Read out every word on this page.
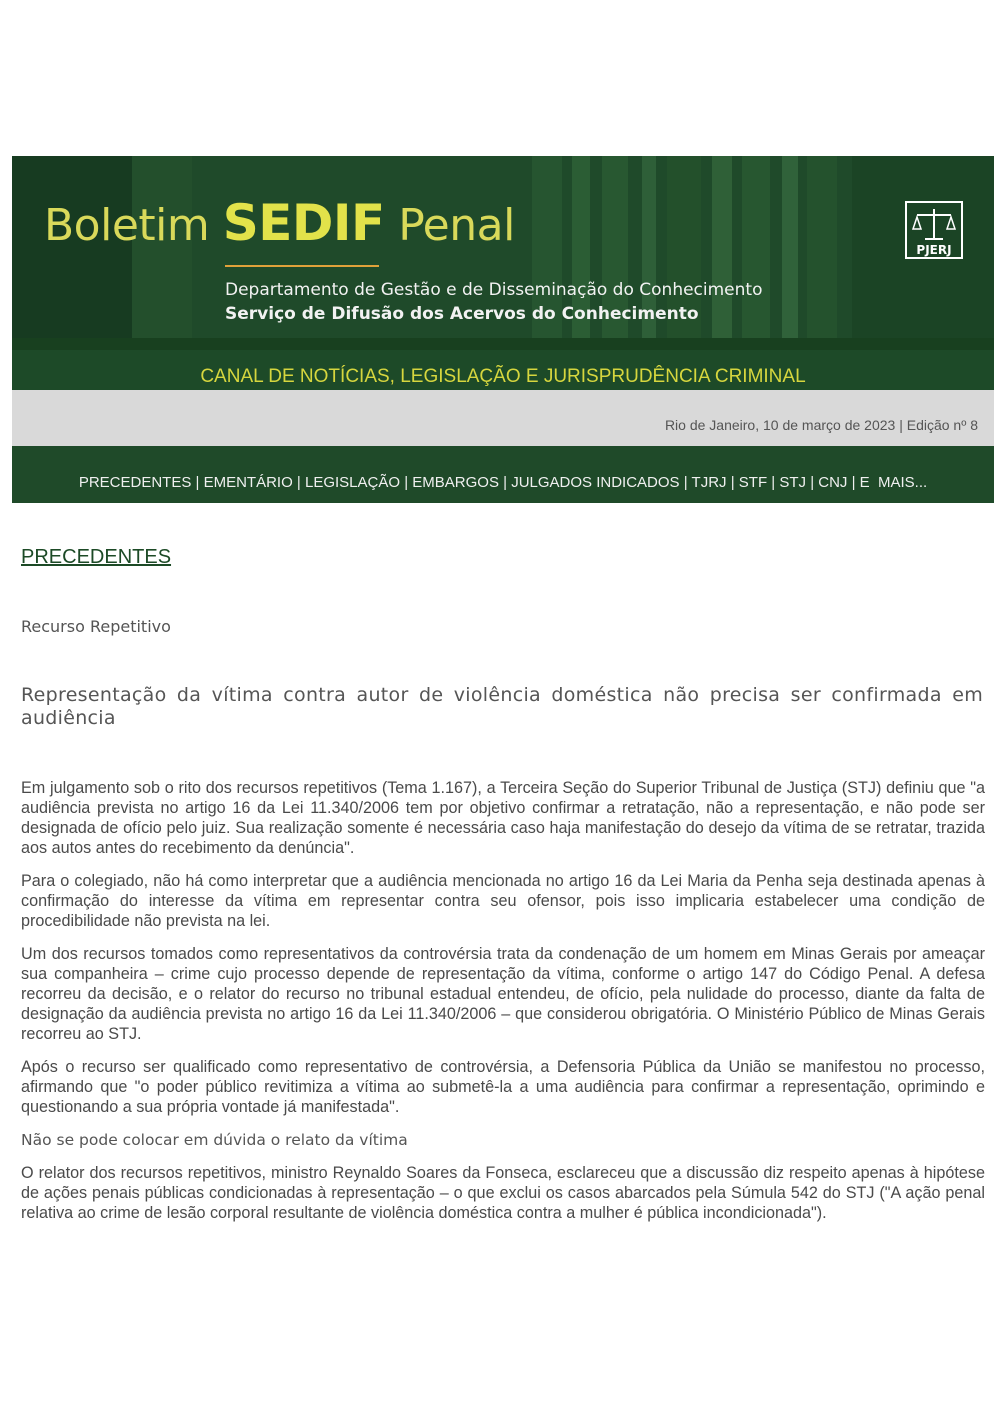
Boletim SEDIF Penal
Departamento de Gestão e de Disseminação do Conhecimento
Serviço de Difusão dos Acervos do Conhecimento
PJERJ
CANAL DE NOTÍCIAS, LEGISLAÇÃO E JURISPRUDÊNCIA CRIMINAL
Rio de Janeiro, 10 de março de 2023 | Edição nº 8
PRECEDENTES | EMENTÁRIO | LEGISLAÇÃO | EMBARGOS | JULGADOS INDICADOS | TJRJ | STF | STJ | CNJ | E  MAIS...
PRECEDENTES
Recurso Repetitivo
Representação da vítima contra autor de violência doméstica não precisa ser confirmada em audiência

Em julgamento sob o rito dos recursos repetitivos (Tema 1.167), a Terceira Seção do Superior Tribunal de Justiça (STJ) definiu que "a audiência prevista no artigo 16 da Lei 11.340/2006 tem por objetivo confirmar a retratação, não a representação, e não pode ser designada de ofício pelo juiz. Sua realização somente é necessária caso haja manifestação do desejo da vítima de se retratar, trazida aos autos antes do recebimento da denúncia".

Para o colegiado, não há como interpretar que a audiência mencionada no artigo 16 da Lei Maria da Penha seja destinada apenas à confirmação do interesse da vítima em representar contra seu ofensor, pois isso implicaria estabelecer uma condição de procedibilidade não prevista na lei.

Um dos recursos tomados como representativos da controvérsia trata da condenação de um homem em Minas Gerais por ameaçar sua companheira – crime cujo processo depende de representação da vítima, conforme o artigo 147 do Código Penal. A defesa recorreu da decisão, e o relator do recurso no tribunal estadual entendeu, de ofício, pela nulidade do processo, diante da falta de designação da audiência prevista no artigo 16 da Lei 11.340/2006 – que considerou obrigatória. O Ministério Público de Minas Gerais recorreu ao STJ.

Após o recurso ser qualificado como representativo de controvérsia, a Defensoria Pública da União se manifestou no processo, afirmando que "o poder público revitimiza a vítima ao submetê-la a uma audiência para confirmar a representação, oprimindo e questionando a sua própria vontade já manifestada".

Não se pode colocar em dúvida o relato da vítima

O relator dos recursos repetitivos, ministro Reynaldo Soares da Fonseca, esclareceu que a discussão diz respeito apenas à hipótese de ações penais públicas condicionadas à representação – o que exclui os casos abarcados pela Súmula 542 do STJ ("A ação penal relativa ao crime de lesão corporal resultante de violência doméstica contra a mulher é pública incondicionada").
